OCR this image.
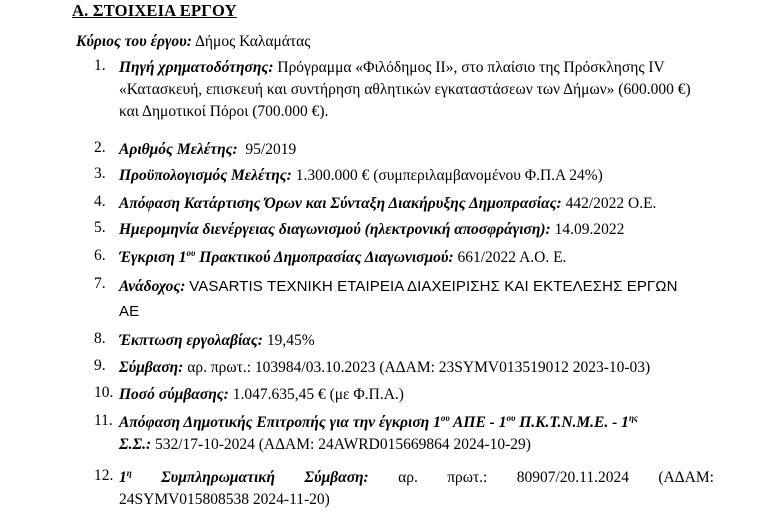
Α. ΣΤΟΙΧΕΙΑ ΕΡΓΟΥ
Κύριος του έργου: Δήμος Καλαμάτας
1. Πηγή χρηματοδότησης: Πρόγραμμα «Φιλόδημος ΙΙ», στο πλαίσιο της Πρόσκλησης IV
«Κατασκευή, επισκευή και συντήρηση αθλητικών εγκαταστάσεων των Δήμων» (600.000 €)
και Δημοτικοί Πόροι (700.000 €).
2. Αριθμός Μελέτης: 95/2019
3. Προϋπολογισμός Μελέτης: 1.300.000 € (συμπεριλαμβανομένου Φ.Π.Α 24%)
4. Απόφαση Κατάρτισης Όρων και Σύνταξη Διακήρυξης Δημοπρασίας: 442/2022 Ο.Ε.
5. Ημερομηνία διενέργειας διαγωνισμού (ηλεκτρονική αποσφράγιση): 14.09.2022
6. Έγκριση $1^{o\upsilon}$ Πρακτικού Δημοπρασίας Διαγωνισμού: 661/2022 Α.Ο. Ε.
7. Ανάδοχος: VASARTIS ΤΕΧΝΙΚΗ ΕΤΑΙΡΕΙΑ ΔΙΑΧΕΙΡΙΣΗΣ ΚΑΙ ΕΚΤΕΛΕΣΗΣ ΕΡΓΩΝ
ΑΕ
8. Έκπτωση εργολαβίας: 19,45%
9. Σύμβαση: αρ. πρωτ.: 103984/03.10.2023 (ΑΔΑΜ: 23SYMV013519012 2023-10-03)
10. Ποσό σύμβασης: 1.047.635,45 € (με Φ.Π.Α.)
11. Απόφαση Δημοτικής Επιτροπής για την έγκριση $1^{o\upsilon}$ ΑΠΕ - $1^{o\upsilon}$ Π.Κ.Τ.Ν.Μ.Ε. - $1^{\eta\varsigma}$
Σ.Σ.: 532/17-10-2024 (ΑΔΑΜ: 24AWRD015669864 2024-10-29)
12. $1^\eta$ Συμπληρωματική Σύμβαση: αρ. πρωτ.: 80907/20.11.2024 (ΑΔΑΜ:
24SYMV015808538 2024-11-20)
